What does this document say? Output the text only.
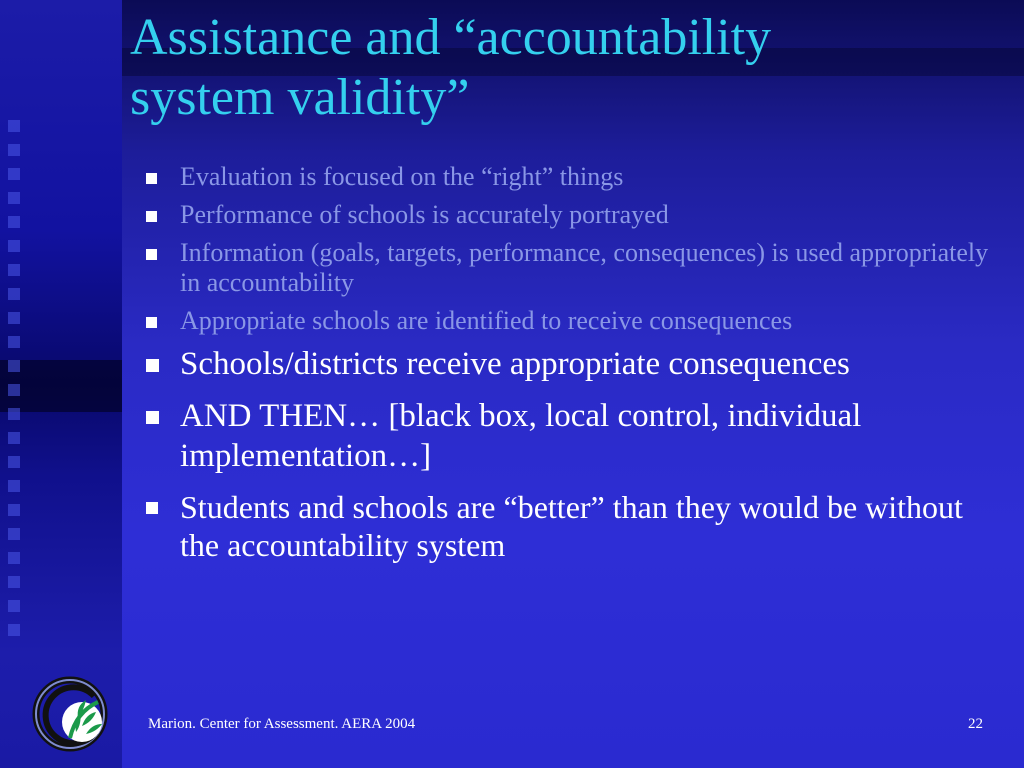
Assistance and “accountability
system validity”
Evaluation is focused on the “right” things
Performance of schools is accurately portrayed
Information (goals, targets, performance, consequences) is used appropriately in accountability
Appropriate schools are identified to receive consequences
Schools/districts receive appropriate consequences
AND THEN… [black box, local control, individual implementation…]
Students and schools are “better” than they would be without the accountability system
Marion. Center for Assessment. AERA 2004	22
